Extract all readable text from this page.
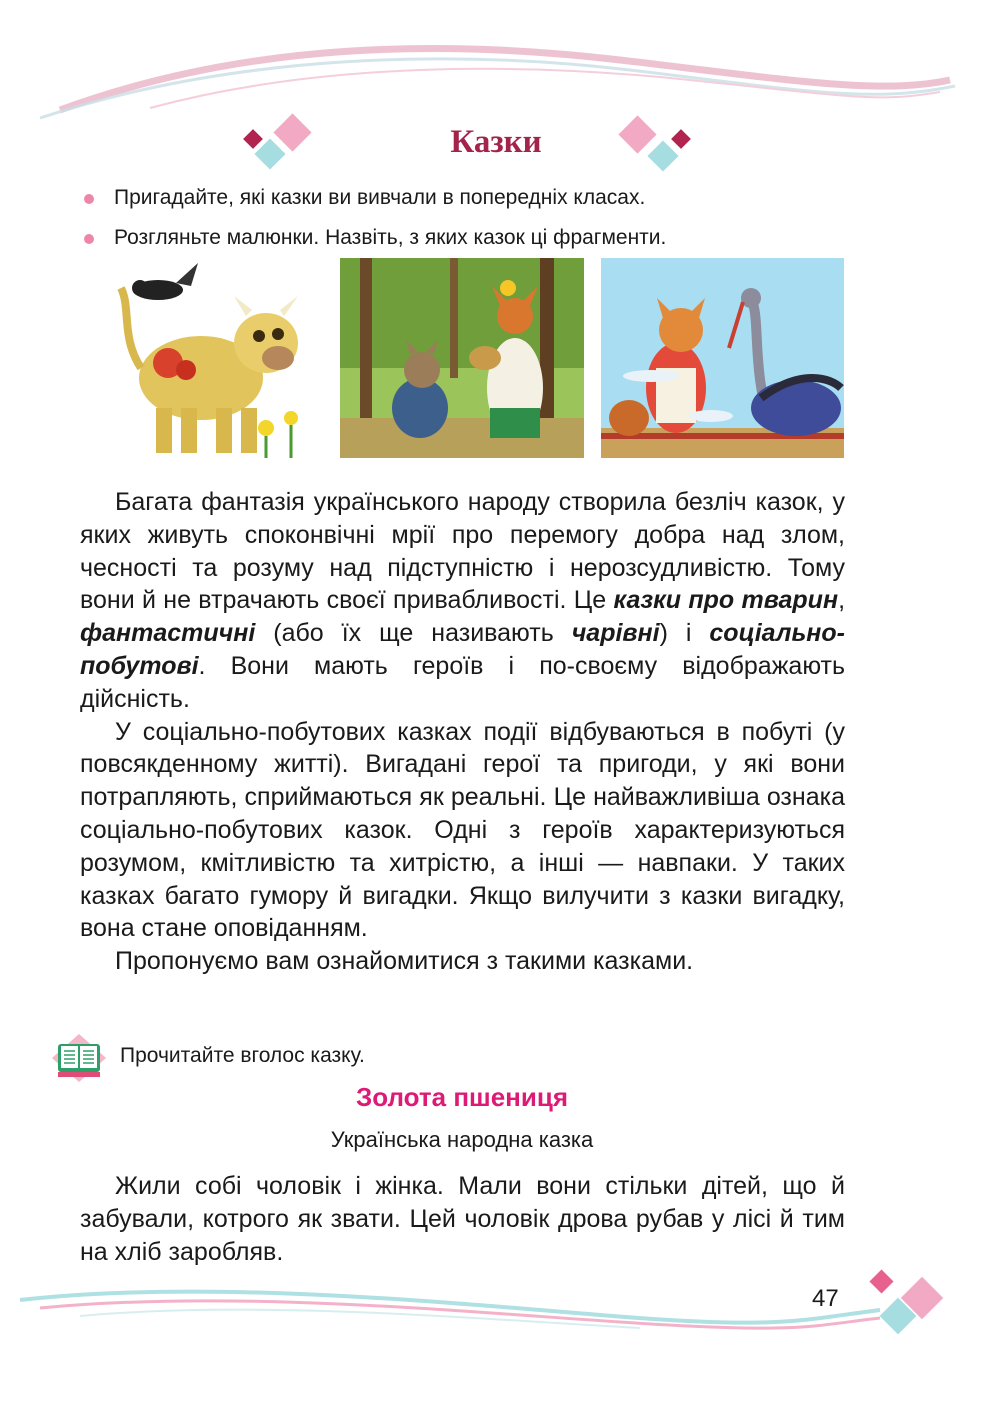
Казки
Пригадайте, які казки ви вивчали в попередніх класах.
Розгляньте малюнки. Назвіть, з яких казок ці фрагменти.

Багата фантазія українського народу створила безліч казок, у яких живуть споконвічні мрії про перемогу добра над злом, чесності та розуму над підступністю і нерозсудливістю. Тому вони й не втрачають своєї привабливості. Це казки про тварин, фантастичні (або їх ще називають чарівні) і соціально-побутові. Вони мають героїв і по-своєму відображають дійсність.

У соціально-побутових казках події відбуваються в побуті (у повсякденному житті). Вигадані герої та пригоди, у які вони потрапляють, сприймаються як реальні. Це найважливіша ознака соціально-побутових казок. Одні з героїв характеризуються розумом, кмітливістю та хитрістю, а інші — навпаки. У таких казках багато гумору й вигадки. Якщо вилучити з казки вигадку, вона стане оповіданням.

Пропонуємо вам ознайомитися з такими казками.

Прочитайте вголос казку.
Золота пшениця
Українська народна казка

Жили собі чоловік і жінка. Мали вони стільки дітей, що й забували, котрого як звати. Цей чоловік дрова рубав у лісі й тим на хліб заробляв.

47
